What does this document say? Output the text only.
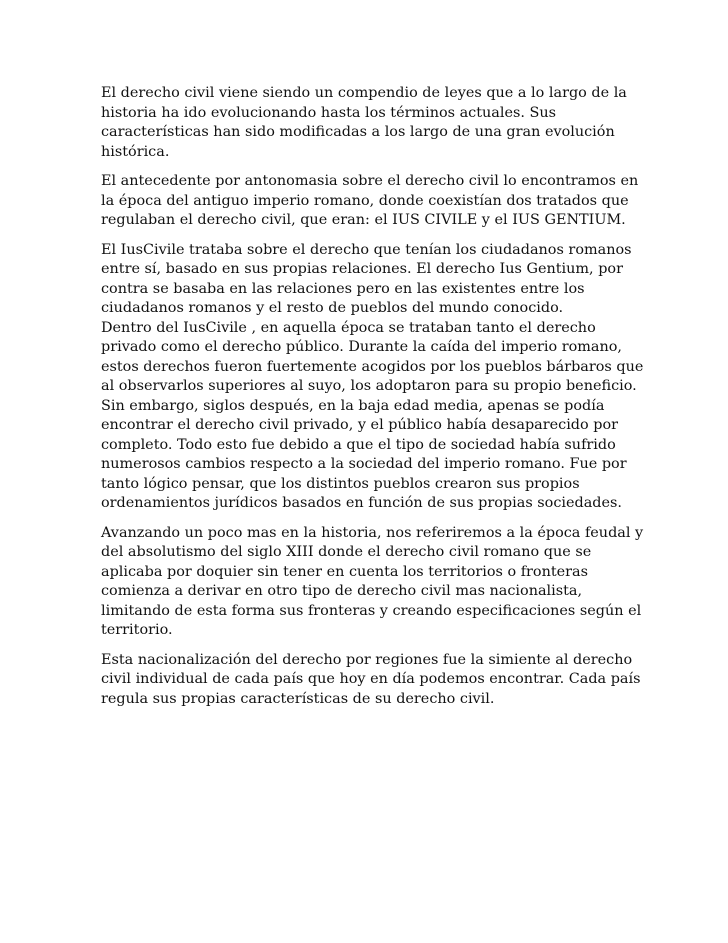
El derecho civil viene siendo un compendio de leyes que a lo largo de la
historia ha ido evolucionando hasta los términos actuales. Sus
características han sido modificadas a los largo de una gran evolución
histórica.

El antecedente por antonomasia sobre el derecho civil lo encontramos en
la época del antiguo imperio romano, donde coexistían dos tratados que
regulaban el derecho civil, que eran: el IUS CIVILE y el IUS GENTIUM.

El IusCivile trataba sobre el derecho que tenían los ciudadanos romanos
entre sí, basado en sus propias relaciones. El derecho Ius Gentium, por
contra se basaba en las relaciones pero en las existentes entre los
ciudadanos romanos y el resto de pueblos del mundo conocido.
Dentro del IusCivile , en aquella época se trataban tanto el derecho
privado como el derecho público. Durante la caída del imperio romano,
estos derechos fueron fuertemente acogidos por los pueblos bárbaros que
al observarlos superiores al suyo, los adoptaron para su propio beneficio.
Sin embargo, siglos después, en la baja edad media, apenas se podía
encontrar el derecho civil privado, y el público había desaparecido por
completo. Todo esto fue debido a que el tipo de sociedad había sufrido
numerosos cambios respecto a la sociedad del imperio romano. Fue por
tanto lógico pensar, que los distintos pueblos crearon sus propios
ordenamientos jurídicos basados en función de sus propias sociedades.

Avanzando un poco mas en la historia, nos referiremos a la época feudal y
del absolutismo del siglo XIII donde el derecho civil romano que se
aplicaba por doquier sin tener en cuenta los territorios o fronteras
comienza a derivar en otro tipo de derecho civil mas nacionalista,
limitando de esta forma sus fronteras y creando especificaciones según el
territorio.

Esta nacionalización del derecho por regiones fue la simiente al derecho
civil individual de cada país que hoy en día podemos encontrar. Cada país
regula sus propias características de su derecho civil.
